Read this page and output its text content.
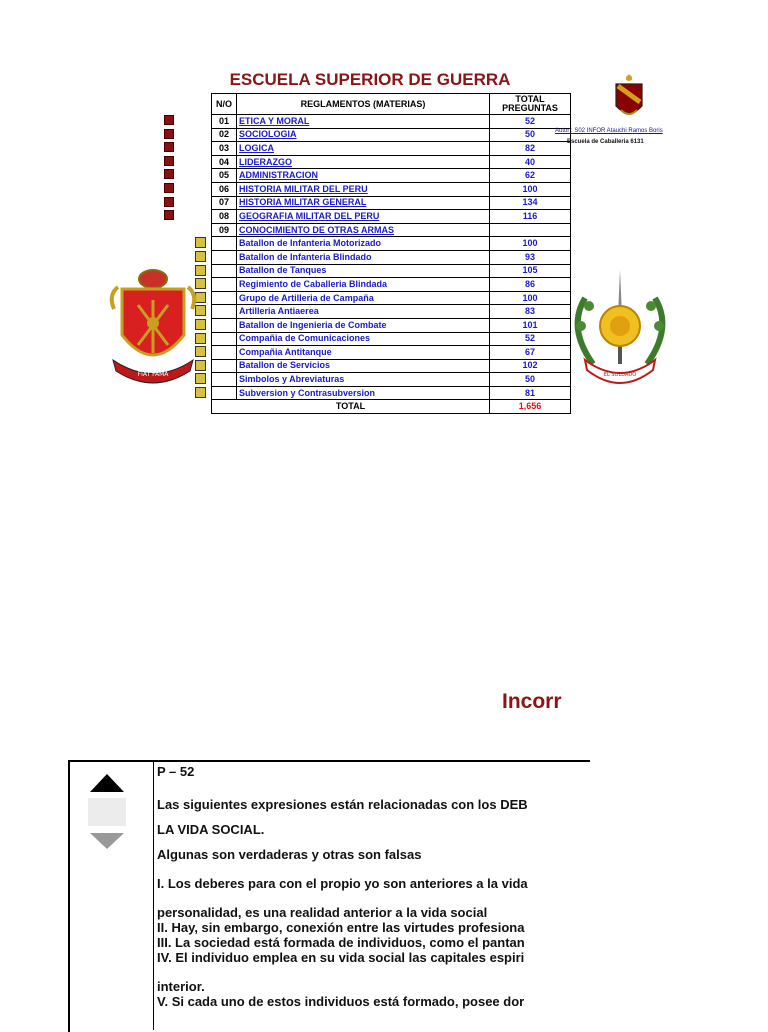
ESCUELA SUPERIOR DE GUERRA
N/O	REGLAMENTOS (MATERIAS)	TOTAL PREGUNTAS
01	ETICA Y MORAL	52
02	SOCIOLOGIA	50
03	LOGICA	82
04	LIDERAZGO	40
05	ADMINISTRACION	62
06	HISTORIA MILITAR DEL PERU	100
07	HISTORIA MILITAR GENERAL	134
08	GEOGRAFIA MILITAR DEL PERU	116
09	CONOCIMIENTO DE OTRAS ARMAS	
	Batallon de Infanteria Motorizado	100
	Batallon de Infanteria Blindado	93
	Batallon de Tanques	105
	Regimiento de Caballeria Blindada	86
	Grupo de Artilleria de Campaña	100
	Artilleria Antiaerea	83
	Batallon de Ingenieria de Combate	101
	Compañia de Comunicaciones	52
	Compañia Antitanque	67
	Batallon de Servicios	102
	Simbolos y Abreviaturas	50
	Subversion y Contrasubversion	81
TOTAL		1,656
Autor : S02 INFOR Atauchi Ramos Boris
Escuela de Caballeria 6131
FIAT FAMA	EL SOLDADO
Incorr
P – 52
Las siguientes expresiones están relacionadas con los DEB
LA VIDA SOCIAL.
Algunas son verdaderas y otras son falsas
I. Los deberes para con el propio yo son anteriores a la vida
personalidad, es una realidad anterior a la vida social
II. Hay, sin embargo, conexión entre las virtudes profesiona
III. La sociedad está formada de individuos, como el pantan
IV. El individuo emplea en su vida social las capitales espiri
interior.
V. Si cada uno de estos individuos está formado, posee dor
